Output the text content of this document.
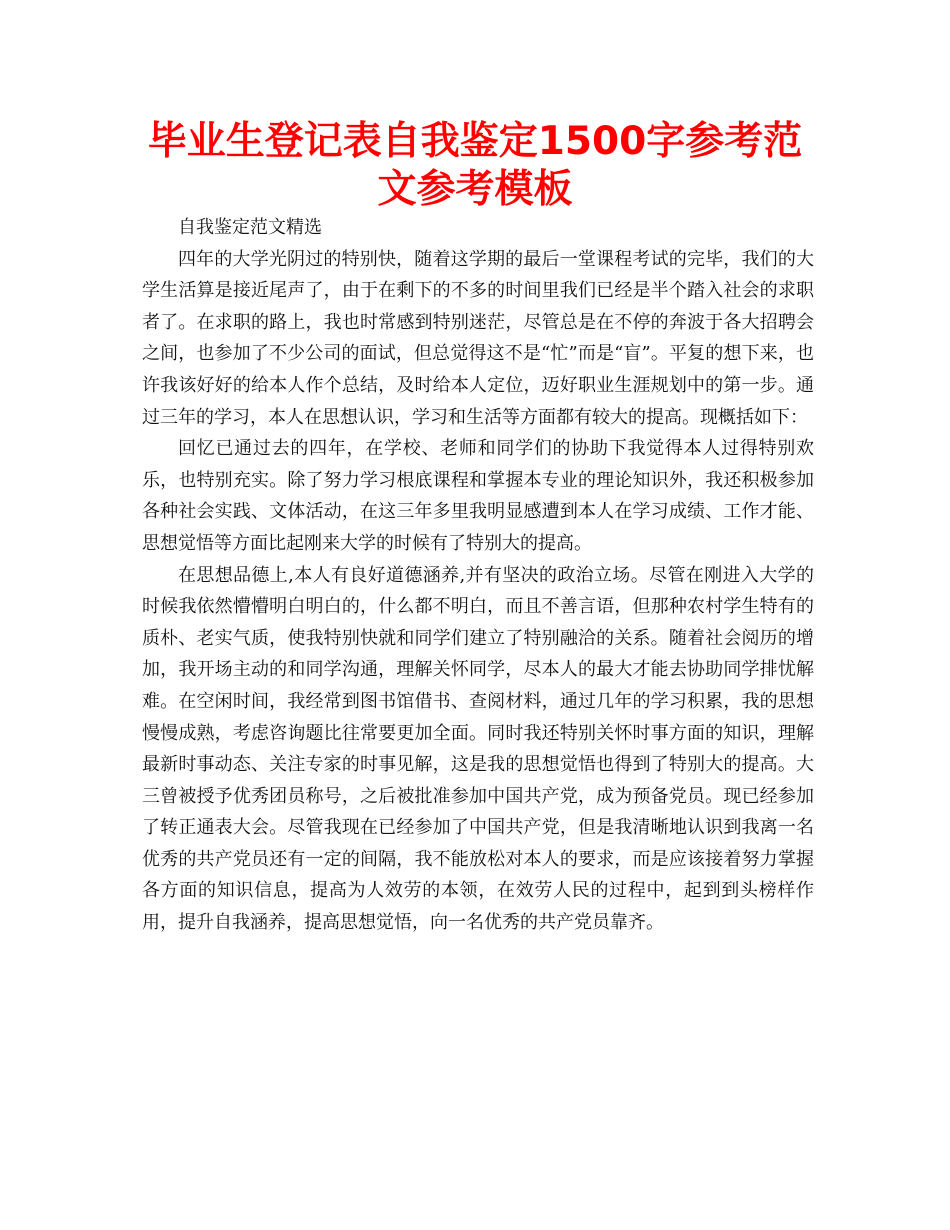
毕业生登记表自我鉴定1500字参考范文参考模板

自我鉴定范文精选

四年的大学光阴过的特别快，随着这学期的最后一堂课程考试的完毕，我们的大学生活算是接近尾声了，由于在剩下的不多的时间里我们已经是半个踏入社会的求职者了。在求职的路上，我也时常感到特别迷茫，尽管总是在不停的奔波于各大招聘会之间，也参加了不少公司的面试，但总觉得这不是“忙”而是“盲”。平复的想下来，也许我该好好的给本人作个总结，及时给本人定位，迈好职业生涯规划中的第一步。通过三年的学习，本人在思想认识，学习和生活等方面都有较大的提高。现概括如下：

回忆已通过去的四年，在学校、老师和同学们的协助下我觉得本人过得特别欢乐，也特别充实。除了努力学习根底课程和掌握本专业的理论知识外，我还积极参加各种社会实践、文体活动，在这三年多里我明显感遭到本人在学习成绩、工作才能、思想觉悟等方面比起刚来大学的时候有了特别大的提高。

在思想品德上,本人有良好道德涵养,并有坚决的政治立场。尽管在刚进入大学的时候我依然懵懵明白明白的，什么都不明白，而且不善言语，但那种农村学生特有的质朴、老实气质，使我特别快就和同学们建立了特别融洽的关系。随着社会阅历的增加，我开场主动的和同学沟通，理解关怀同学，尽本人的最大才能去协助同学排忧解难。在空闲时间，我经常到图书馆借书、查阅材料，通过几年的学习积累，我的思想慢慢成熟，考虑咨询题比往常要更加全面。同时我还特别关怀时事方面的知识，理解最新时事动态、关注专家的时事见解，这是我的思想觉悟也得到了特别大的提高。大三曾被授予优秀团员称号，之后被批准参加中国共产党，成为预备党员。现已经参加了转正通表大会。尽管我现在已经参加了中国共产党，但是我清晰地认识到我离一名优秀的共产党员还有一定的间隔，我不能放松对本人的要求，而是应该接着努力掌握各方面的知识信息，提高为人效劳的本领，在效劳人民的过程中，起到到头榜样作用，提升自我涵养，提高思想觉悟，向一名优秀的共产党员靠齐。
